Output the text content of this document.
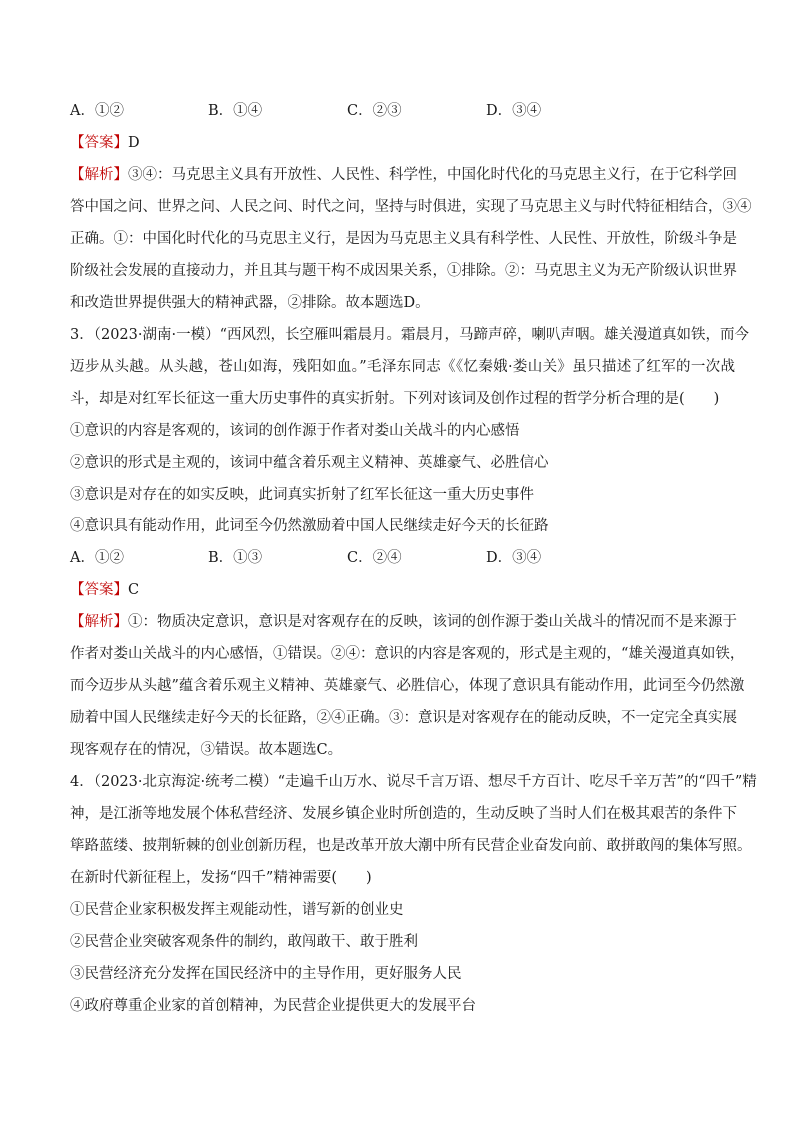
A．①②	B．①④	C．②③	D．③④
【答案】D
【解析】③④：马克思主义具有开放性、人民性、科学性，中国化时代化的马克思主义行，在于它科学回
答中国之问、世界之问、人民之问、时代之问，坚持与时俱进，实现了马克思主义与时代特征相结合，③④
正确。①：中国化时代化的马克思主义行，是因为马克思主义具有科学性、人民性、开放性，阶级斗争是
阶级社会发展的直接动力，并且其与题干构不成因果关系，①排除。②：马克思主义为无产阶级认识世界
和改造世界提供强大的精神武器，②排除。故本题选D。
3．（2023·湖南·一模）“西风烈，长空雁叫霜晨月。霜晨月，马蹄声碎，喇叭声咽。雄关漫道真如铁，而今
迈步从头越。从头越，苍山如海，残阳如血。”毛泽东同志《《忆秦娥·娄山关》虽只描述了红军的一次战
斗，却是对红军长征这一重大历史事件的真实折射。下列对该词及创作过程的哲学分析合理的是(　　)
①意识的内容是客观的，该词的创作源于作者对娄山关战斗的内心感悟
②意识的形式是主观的，该词中蕴含着乐观主义精神、英雄豪气、必胜信心
③意识是对存在的如实反映，此词真实折射了红军长征这一重大历史事件
④意识具有能动作用，此词至今仍然激励着中国人民继续走好今天的长征路
A．①②	B．①③	C．②④	D．③④
【答案】C
【解析】①：物质决定意识，意识是对客观存在的反映，该词的创作源于娄山关战斗的情况而不是来源于
作者对娄山关战斗的内心感悟，①错误。②④：意识的内容是客观的，形式是主观的，“雄关漫道真如铁，
而今迈步从头越”蕴含着乐观主义精神、英雄豪气、必胜信心，体现了意识具有能动作用，此词至今仍然激
励着中国人民继续走好今天的长征路，②④正确。③：意识是对客观存在的能动反映，不一定完全真实展
现客观存在的情况，③错误。故本题选C。
4．（2023·北京海淀·统考二模）“走遍千山万水、说尽千言万语、想尽千方百计、吃尽千辛万苦”的“四千”精
神，是江浙等地发展个体私营经济、发展乡镇企业时所创造的，生动反映了当时人们在极其艰苦的条件下
筚路蓝缕、披荆斩棘的创业创新历程，也是改革开放大潮中所有民营企业奋发向前、敢拼敢闯的集体写照。
在新时代新征程上，发扬“四千”精神需要(　　)
①民营企业家积极发挥主观能动性，谱写新的创业史
②民营企业突破客观条件的制约，敢闯敢干、敢于胜利
③民营经济充分发挥在国民经济中的主导作用，更好服务人民
④政府尊重企业家的首创精神，为民营企业提供更大的发展平台
